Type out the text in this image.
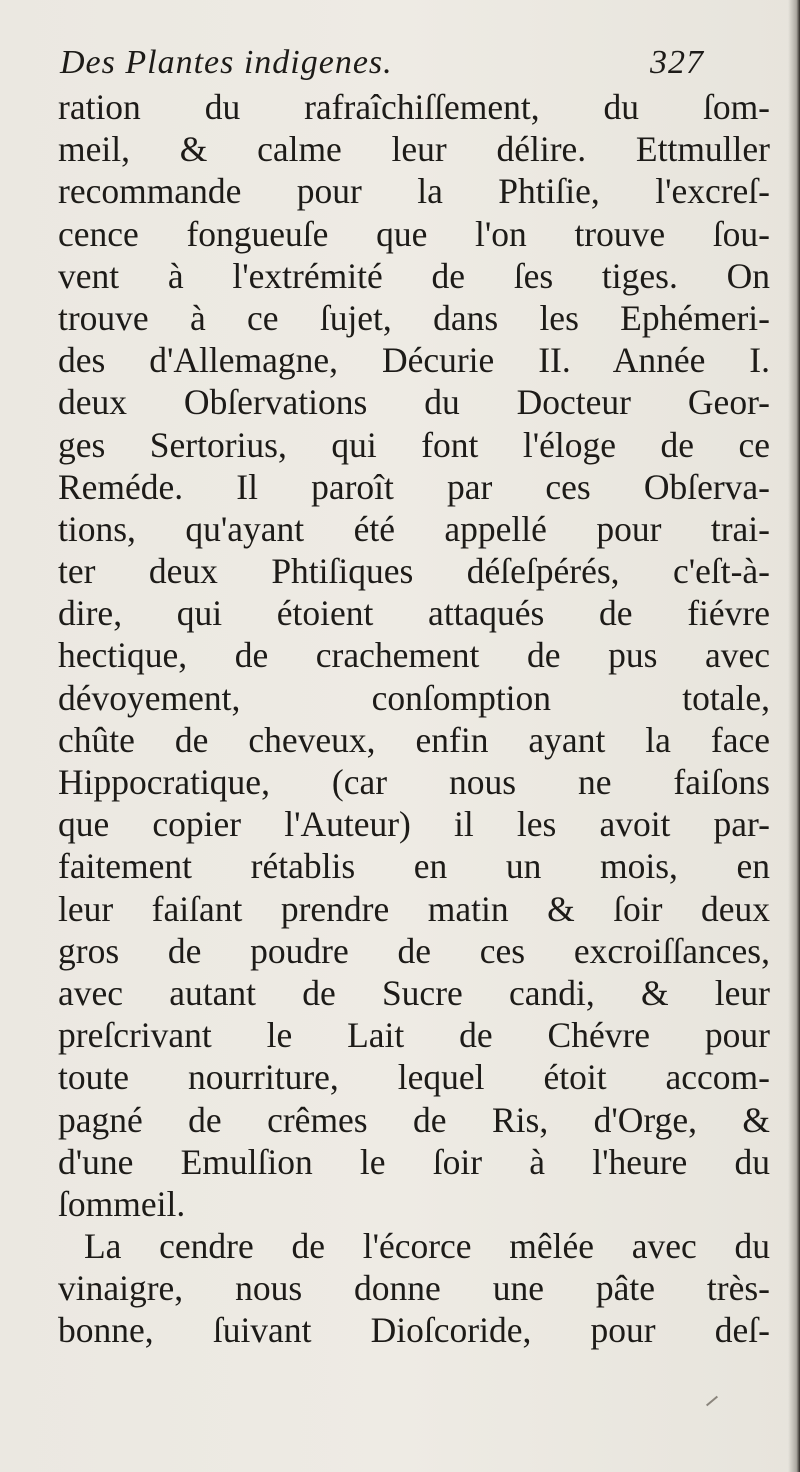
Des Plantes indigenes.	327
ration du rafraîchiſſement, du ſom-
meil, & calme leur délire. Ettmuller
recommande pour la Phtiſie, l'excreſ-
cence fongueuſe que l'on trouve ſou-
vent à l'extrémité de ſes tiges. On
trouve à ce ſujet, dans les Ephémeri-
des d'Allemagne, Décurie II. Année I.
deux Obſervations du Docteur Geor-
ges Sertorius, qui font l'éloge de ce
Reméde. Il paroît par ces Obſerva-
tions, qu'ayant été appellé pour trai-
ter deux Phtiſiques déſeſpérés, c'eſt-à-
dire, qui étoient attaqués de fiévre
hectique, de crachement de pus avec
dévoyement, conſomption totale,
chûte de cheveux, enfin ayant la face
Hippocratique, (car nous ne faiſons
que copier l'Auteur) il les avoit par-
faitement rétablis en un mois, en
leur faiſant prendre matin & ſoir deux
gros de poudre de ces excroiſſances,
avec autant de Sucre candi, & leur
preſcrivant le Lait de Chévre pour
toute nourriture, lequel étoit accom-
pagné de crêmes de Ris, d'Orge, &
d'une Emulſion le ſoir à l'heure du
ſommeil.
La cendre de l'écorce mêlée avec du
vinaigre, nous donne une pâte très-
bonne, ſuivant Dioſcoride, pour deſ-
